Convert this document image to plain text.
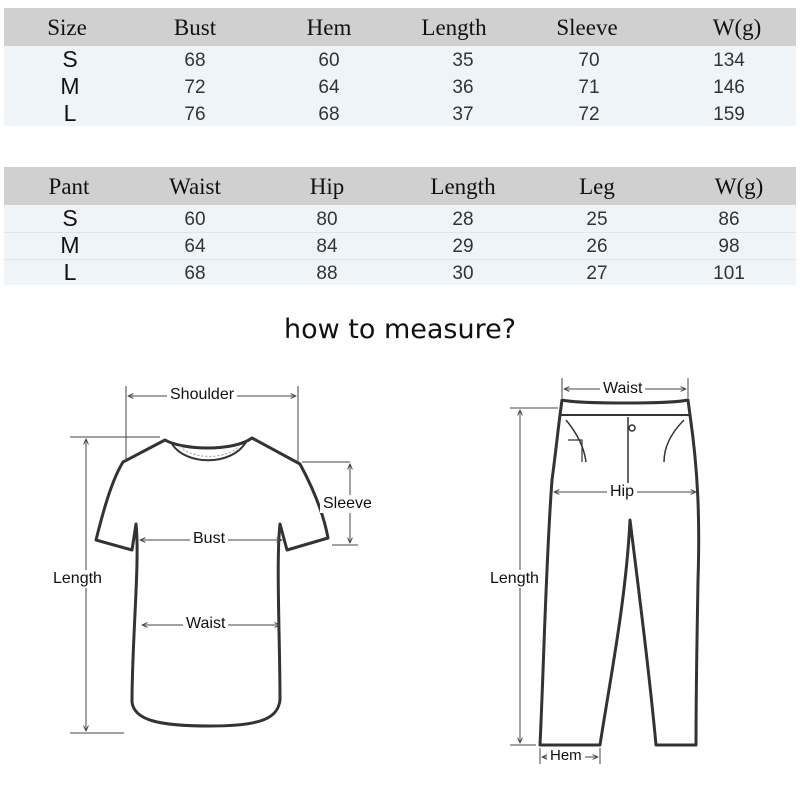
Size	Bust	Hem	Length	Sleeve	W(g)
S	68	60	35	70	134
M	72	64	36	71	146
L	76	68	37	72	159
Pant	Waist	Hip	Length	Leg	W(g)
S	60	80	28	25	86
M	64	84	29	26	98
L	68	88	30	27	101
how to measure?
Shoulder
Sleeve
Bust
Length
Waist
Waist
Hip
Length
Hem
